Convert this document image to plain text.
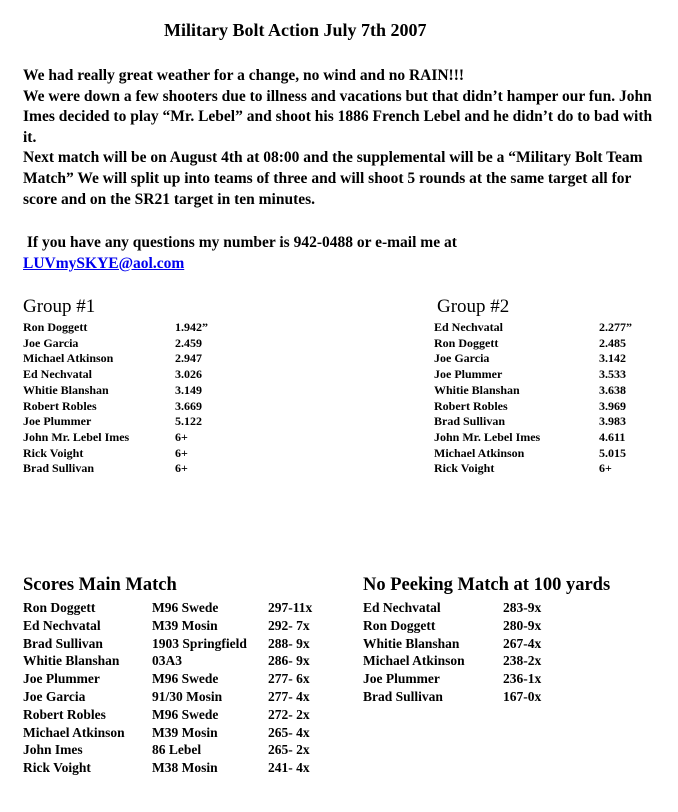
Military Bolt Action July 7th 2007

We had really great weather for a change, no wind and no RAIN!!!

We were down a few shooters due to illness and vacations but that didn’t hamper our fun. John Imes decided to play “Mr. Lebel” and shoot his 1886 French Lebel and he didn’t do to bad with it.

Next match will be on August 4th at 08:00 and the supplemental will be a “Military Bolt Team Match” We will split up into teams of three and will shoot 5 rounds at the same target all for score and on the SR21 target in ten minutes.

If you have any questions my number is 942-0488 or e-mail me at
LUVmySKYE@aol.com
Group #1
Ron Doggett	1.942”
Joe Garcia	2.459
Michael Atkinson	2.947
Ed Nechvatal	3.026
Whitie Blanshan	3.149
Robert Robles	3.669
Joe Plummer	5.122
John Mr. Lebel Imes	6+
Rick Voight	6+
Brad Sullivan	6+
Group #2
Ed Nechvatal	2.277”
Ron Doggett	2.485
Joe Garcia	3.142
Joe Plummer	3.533
Whitie Blanshan	3.638
Robert Robles	3.969
Brad Sullivan	3.983
John Mr. Lebel Imes	4.611
Michael Atkinson	5.015
Rick Voight	6+
Scores Main Match
Ron Doggett	M96 Swede	297-11x
Ed Nechvatal	M39 Mosin	292- 7x
Brad Sullivan	1903 Springfield	288- 9x
Whitie Blanshan	03A3	286- 9x
Joe Plummer	M96 Swede	277- 6x
Joe Garcia	91/30 Mosin	277- 4x
Robert Robles	M96 Swede	272- 2x
Michael Atkinson	M39 Mosin	265- 4x
John Imes	86 Lebel	265- 2x
Rick Voight	M38 Mosin	241- 4x
No Peeking Match at 100 yards
Ed Nechvatal	283-9x
Ron Doggett	280-9x
Whitie Blanshan	267-4x
Michael Atkinson	238-2x
Joe Plummer	236-1x
Brad Sullivan	167-0x
